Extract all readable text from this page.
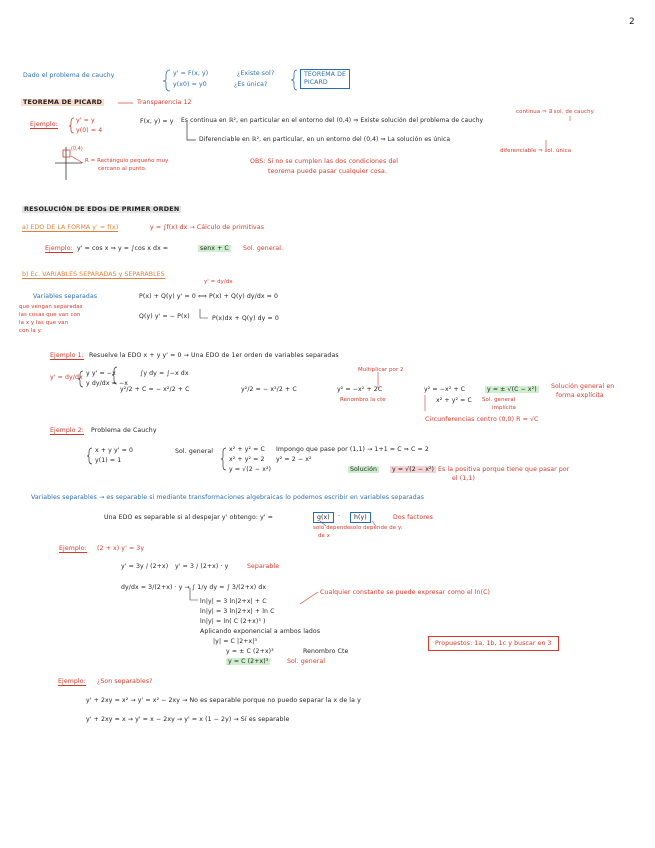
2
Dado el problema de cauchy	y' = F(x, y)
y(x0) = y0
¿Existe sol?
¿Es única?
TEOREMA DE
PICARD
TEOREMA DE PICARD	Transparencia 12
Ejemplo:
y' = y
y(0) = 4
F(x, y) = y Es continua en ℝ², en particular en el entorno del (0,4) ⇒ Existe solución del problema de cauchy
continua ⇒ ∃ sol. de cauchy
Diferenciable en ℝ², en particular, en un entorno del (0,4) ⇒ La solución es única
diferenciable ⇒ sol. única
(0,4)
R = Rectángulo pequeño muy
cercano al punto.
OBS: Si no se cumplen las dos condiciones del
teorema puede pasar cualquier cosa.
RESOLUCIÓN DE EDOs DE PRIMER ORDEN
a) EDO DE LA FORMA y' = f(x)	y = ∫f(x) dx → Cálculo de primitivas
Ejemplo: y' = cos x ⇒ y = ∫cos x dx =	senx + C	Sol. general.
b) Ec. VARIABLES SEPARADAS y SEPARABLES
y' = dy/dx
Variables separadas	P(x) + Q(y) y' = 0 ⟺ P(x) + Q(y) dy/dx = 0
Q(y) y' = − P(x)	P(x)dx + Q(y) dy = 0
que vengan separadas
las cosas que van con
la x y las que van
con la y.
Ejemplo 1: Resuelve la EDO x + y y' = 0 → Una EDO de 1er orden de variables separadas
y' = dy/dx
y y' = −x
y dy/dx = −x
∫y dy = ∫−x dx
y²/2 + C = − x²/2 + C	y²/2 = − x²/2 + C
Multiplicar por 2
y² = −x² + 2C
Renombro la cte
y² = −x² + C	y = ± √(C − x²)	Solución general en
forma explícita
x² + y² = C Sol. general
implícita
Circunferencias centro (0,0) R = √C
Ejemplo 2: Problema de Cauchy
x + y y' = 0
y(1) = 1
Sol. general	x² + y² = C
x² + y² = 2
y = √(2 − x²)
Impongo que pase por (1,1) → 1+1 = C ⇒ C = 2
y² = 2 − x²
Solución	y = √(2 − x²) Es la positiva porque tiene que pasar por
el (1,1)
Variables separables → es separable si mediante transformaciones algebraicas lo podemos escribir en variables separadas
Una EDO es separable si al despejar y' obtengo: y' =	g(x)	·	h(y)	Dos factores
solo depende
de x
solo depende de y.
Ejemplo: (2 + x) y' = 3y
y' = 3y / (2+x) y' = 3 / (2+x) · y	Separable
dy/dx = 3/(2+x) · y → ∫ 1/y dy = ∫ 3/(2+x) dx
ln|y| = 3 ln|2+x| + C
Cualquier constante se puede expresar como el ln(C)
ln|y| = 3 ln|2+x| + ln C
ln|y| = ln( C (2+x)³ )
Aplicando exponencial a ambos lados
|y| = C |2+x|³
y = ± C (2+x)³	Renombro Cte
y = C (2+x)³	Sol. general
Propuestos: 1a, 1b, 1c y buscar en 3
Ejemplo: ¿Son separables?
y' + 2xy = x² → y' = x² − 2xy → No es separable porque no puedo separar la x de la y
y' + 2xy = x → y' = x − 2xy → y' = x (1 − 2y) → Sí es separable
